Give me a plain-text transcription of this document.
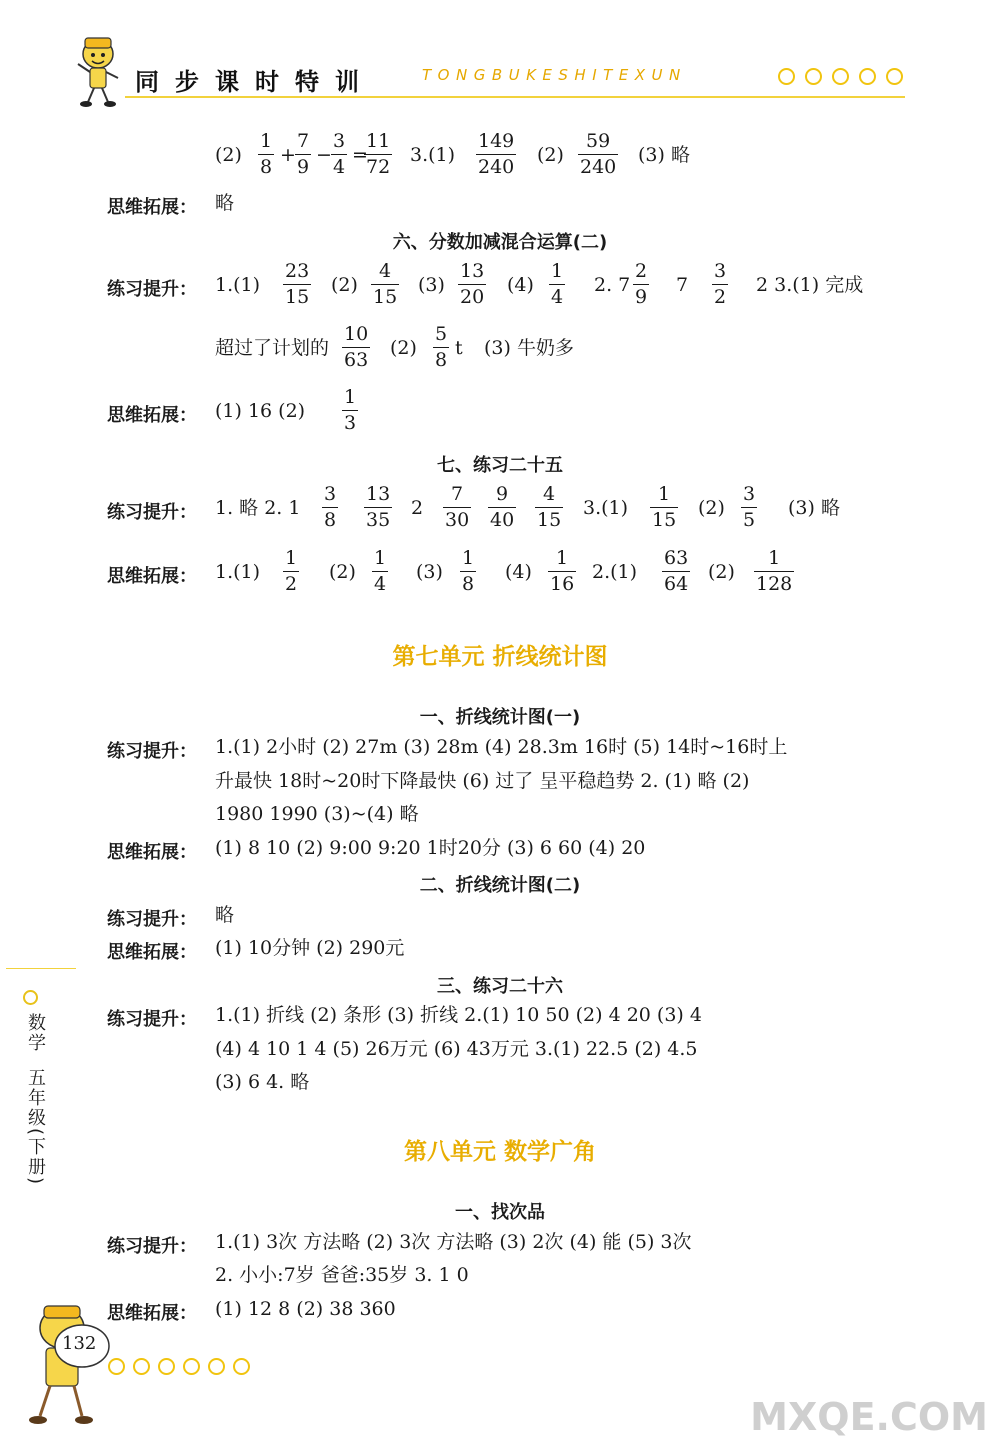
同步课时特训	TONGBUKESHITEXUN
$(2) \frac{1}{8} + \frac{7}{9} - \frac{3}{4}$ =
$\frac{11}{72} 3.(1) \frac{149}{240} (2) \frac{59}{240} (3)$ 略
思维拓展： 略
六、分数加减混合运算(二)
练习提升： $1.(1) \frac{23}{15} (2) \frac{4}{15} (3) \frac{13}{20} (4) \frac{1}{4} 2$. $7 \frac{2}{9} 7 \frac{3}{2} 2$ 3.(1) 完成
超过了计划的 $\frac{10}{63} (2) \frac{5}{8}$ t (3) 牛奶多
思维拓展： (1) 16 $(2) \frac{1}{3}$
七、练习二十五
练习提升： 1. 略 2. $1 \frac{3}{8} \frac{13}{35} 2 \frac{7}{30} \frac{9}{40} \frac{4}{15} 3.(1) \frac{1}{15} (2) \frac{3}{5} (3)$ 略
思维拓展： $1.(1) \frac{1}{2} (2) \frac{1}{4} (3) \frac{1}{8} (4) \frac{1}{16} 2.(1) \frac{63}{64} (2) \frac{1}{128}$
第七单元 折线统计图
一、折线统计图(一)
练习提升： 1.(1) 2小时 (2) 27m (3) 28m (4) 28.3m 16时 (5) 14时~16时上
升最快 18时~20时下降最快 (6) 过了 呈平稳趋势 2. (1) 略 (2)
1980 1990 (3)~(4) 略
思维拓展： (1) 8 10 (2) 9:00 9:20 1时20分 (3) 6 60 (4) 20
二、折线统计图(二)
练习提升： 略
思维拓展： (1) 10分钟 (2) 290元
三、练习二十六
练习提升： 1.(1) 折线 (2) 条形 (3) 折线 2.(1) 10 50 (2) 4 20 (3) 4
(4) 4 10 1 4 (5) 26万元 (6) 43万元 3.(1) 22.5 (2) 4.5
(3) 6 4. 略
第八单元 数学广角
一、找次品
练习提升： 1.(1) 3次 方法略 (2) 3次 方法略 (3) 2次 (4) 能 (5) 3次
2. 小小:7岁 爸爸:35岁 3. 1 0
思维拓展： (1) 12 8 (2) 38 360
数学
五年级(下册)
132
MXQE.COM
